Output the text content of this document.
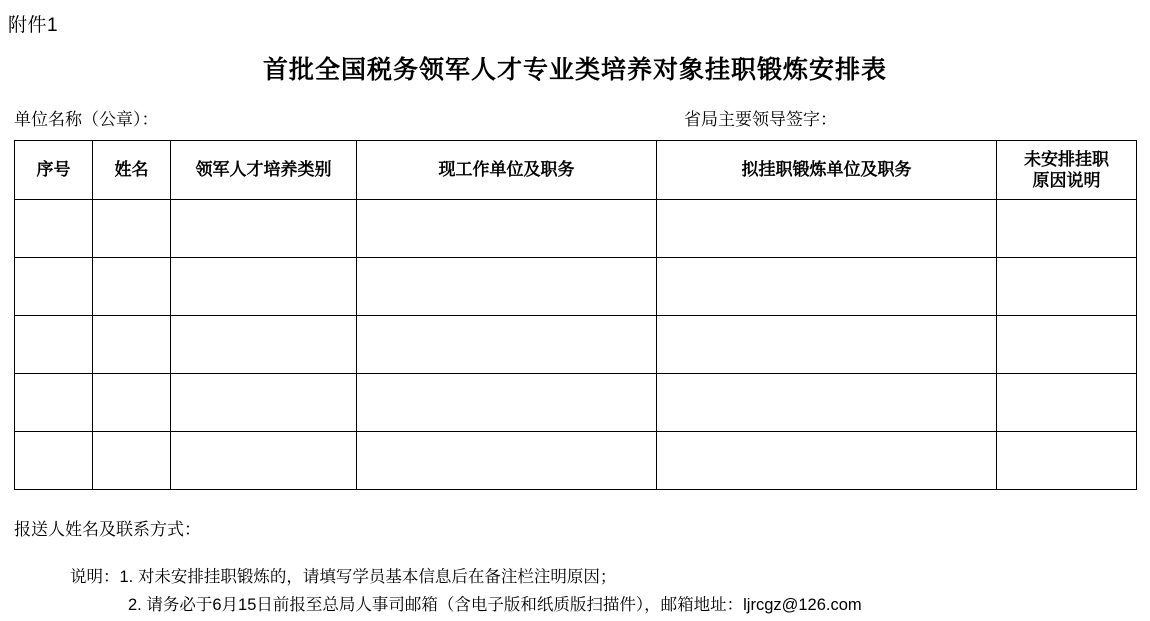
附件1
首批全国税务领军人才专业类培养对象挂职锻炼安排表
单位名称（公章）：	省局主要领导签字：
序号	姓名	领军人才培养类别	现工作单位及职务	拟挂职锻炼单位及职务	未安排挂职
原因说明

报送人姓名及联系方式：
说明：1. 对未安排挂职锻炼的，请填写学员基本信息后在备注栏注明原因；
2. 请务必于6月15日前报至总局人事司邮箱（含电子版和纸质版扫描件），邮箱地址：ljrcgz@126.com
